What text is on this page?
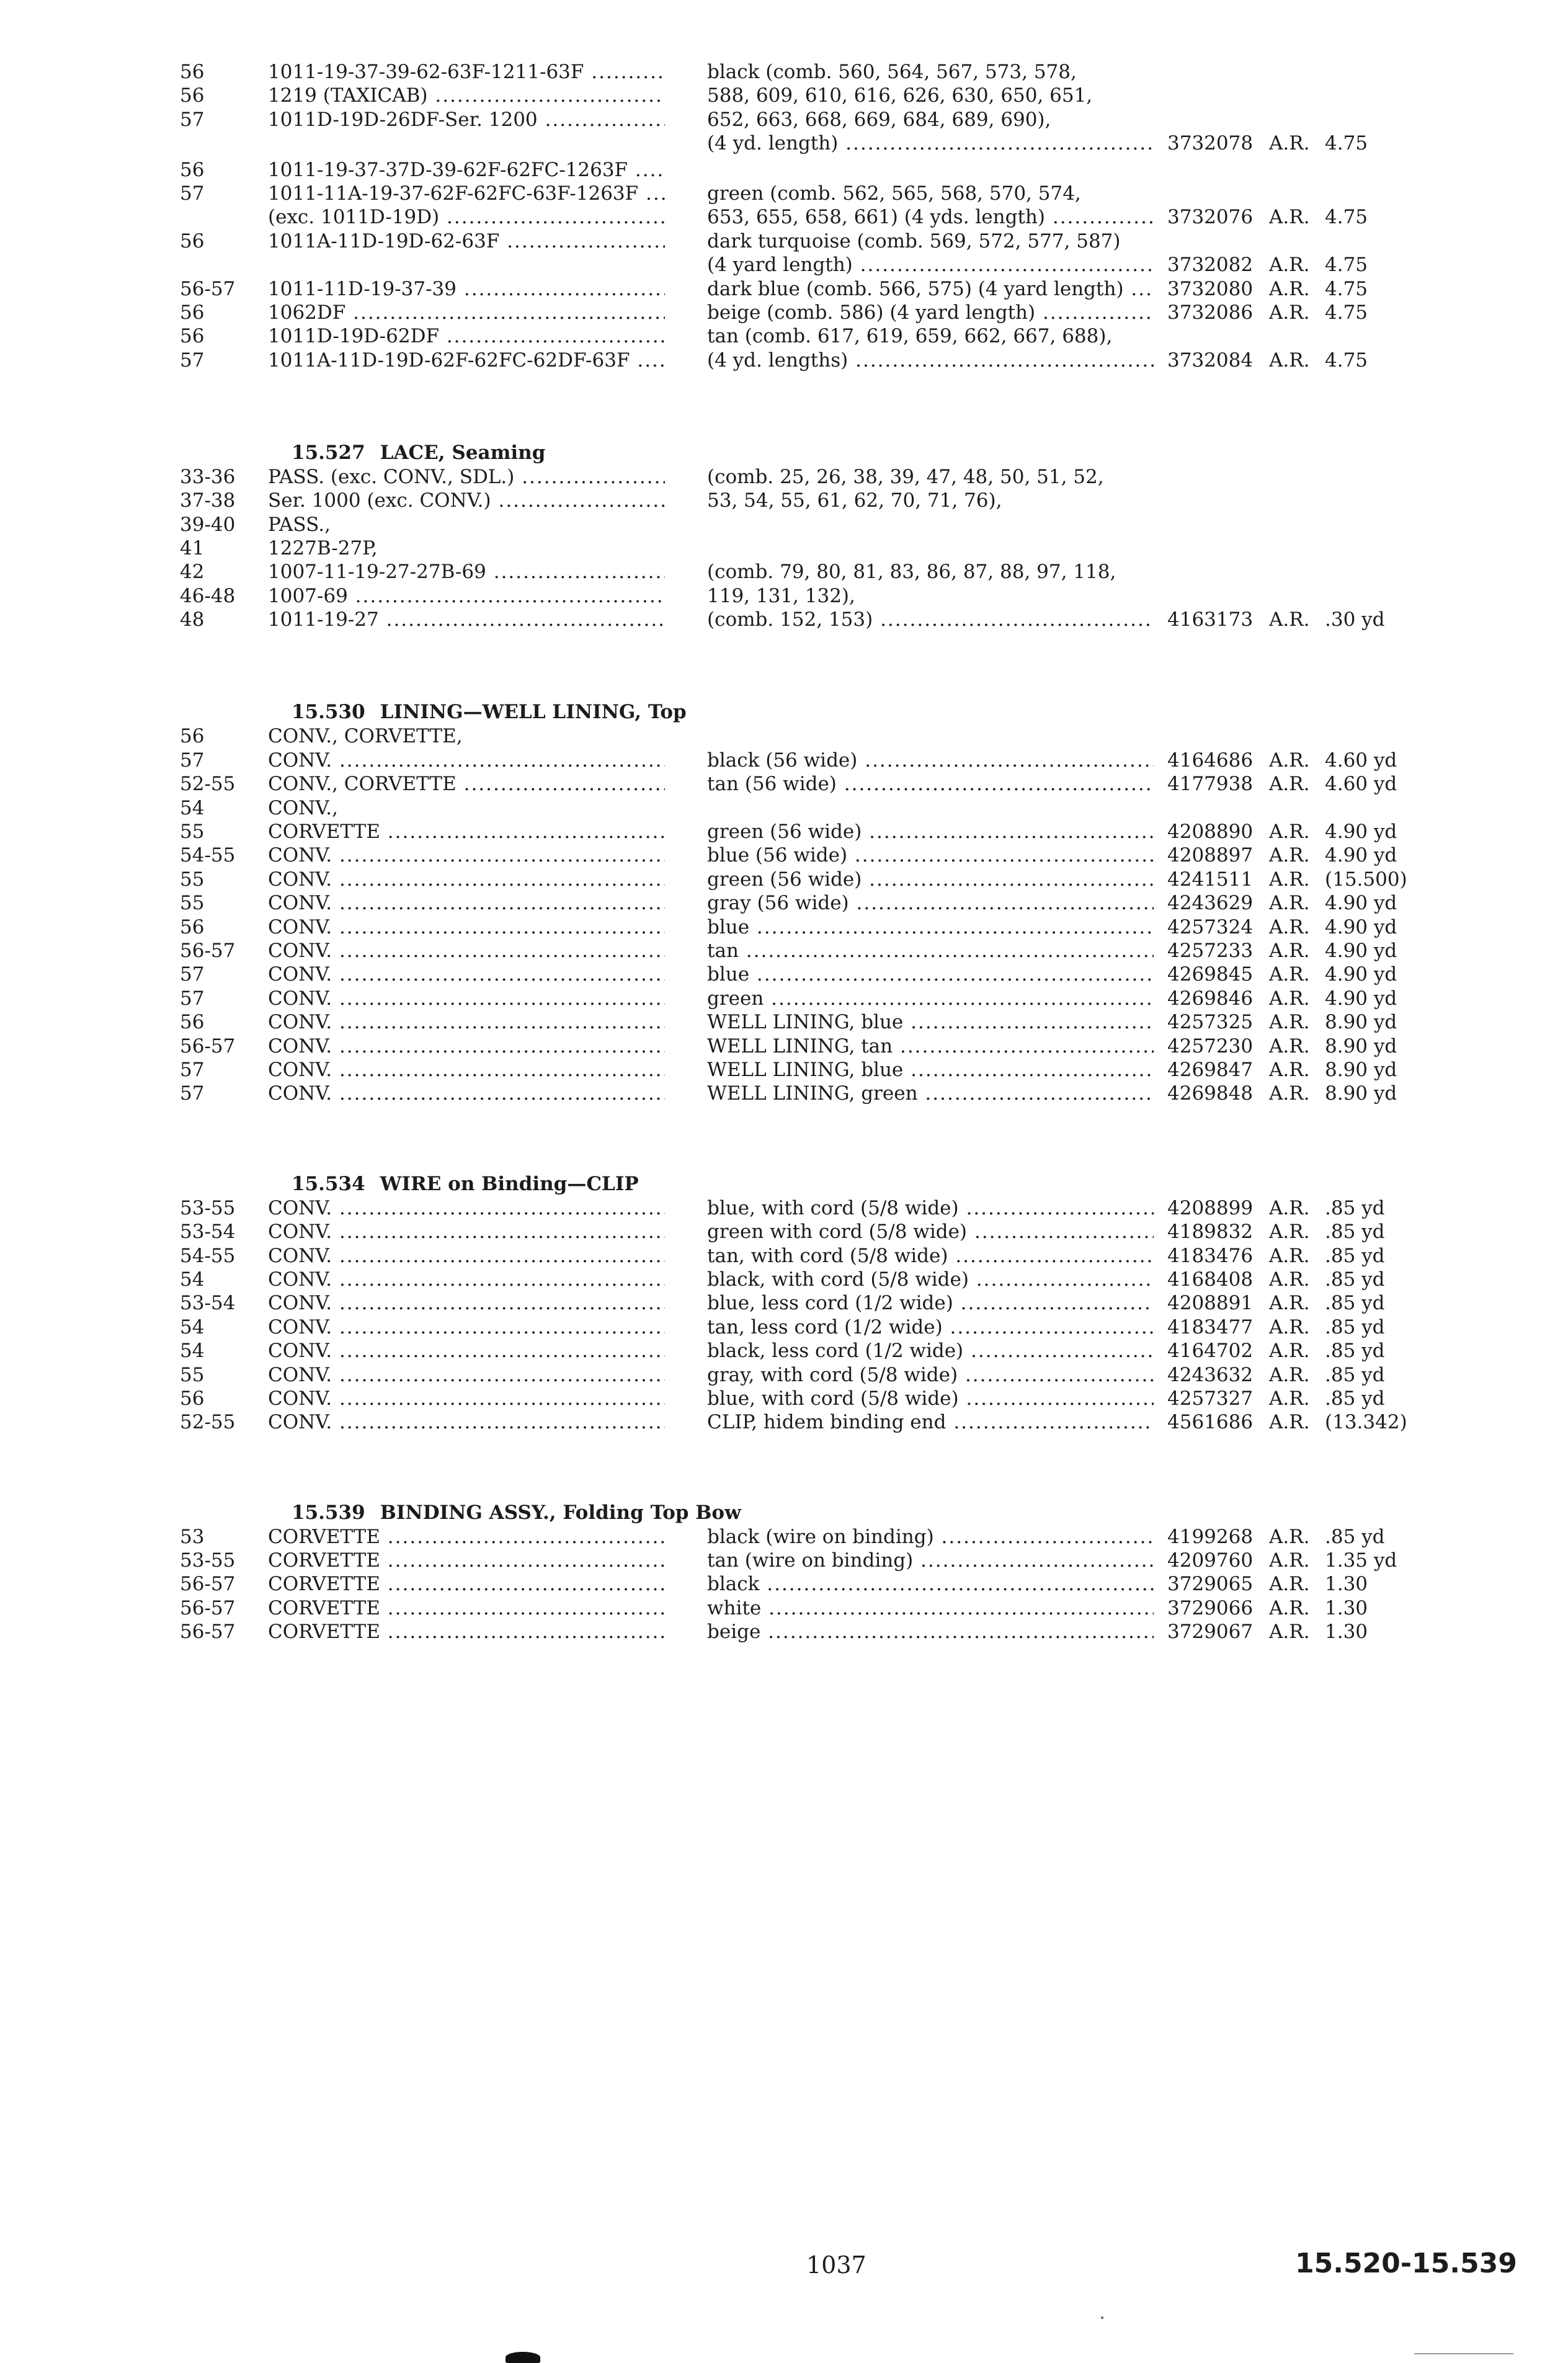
56	1011-19-37-39-62-63F-1211-63F .....	black (comb. 560, 564, 567, 573, 578,
56	1219 (TAXICAB) .....	588, 609, 610, 616, 626, 630, 650, 651,
57	1011D-19D-26DF-Ser. 1200 .....	652, 663, 668, 669, 684, 689, 690),
(4 yd. length) .....	3732078 A.R. 4.75
56	1011-19-37-37D-39-62F-62FC-1263F .....
57	1011-11A-19-37-62F-62FC-63F-1263F .....	green (comb. 562, 565, 568, 570, 574,
(exc. 1011D-19D) .....	653, 655, 658, 661) (4 yds. length) .....	3732076 A.R. 4.75
56	1011A-11D-19D-62-63F .....	dark turquoise (comb. 569, 572, 577, 587)
(4 yard length) .....	3732082 A.R. 4.75
56-57	1011-11D-19-37-39 .....	dark blue (comb. 566, 575) (4 yard length) .....	3732080 A.R. 4.75
56	1062DF .....	beige (comb. 586) (4 yard length) .....	3732086 A.R. 4.75
56	1011D-19D-62DF .....	tan (comb. 617, 619, 659, 662, 667, 688),
57	1011A-11D-19D-62F-62FC-62DF-63F .....	(4 yd. lengths) .....	3732084 A.R. 4.75
15.527 LACE, Seaming
33-36	PASS. (exc. CONV., SDL.) .....	(comb. 25, 26, 38, 39, 47, 48, 50, 51, 52,
37-38	Ser. 1000 (exc. CONV.) .....	53, 54, 55, 61, 62, 70, 71, 76),
39-40	PASS.,
41	1227B-27P,
42	1007-11-19-27-27B-69 .....	(comb. 79, 80, 81, 83, 86, 87, 88, 97, 118,
46-48	1007-69 .....	119, 131, 132),
48	1011-19-27 .....	(comb. 152, 153) .....	4163173 A.R. .30 yd
15.530 LINING—WELL LINING, Top
56	CONV., CORVETTE,
57	CONV. .....	black (56 wide) .....	4164686 A.R. 4.60 yd
52-55	CONV., CORVETTE .....	tan (56 wide) .....	4177938 A.R. 4.60 yd
54	CONV.,
55	CORVETTE .....	green (56 wide) .....	4208890 A.R. 4.90 yd
54-55	CONV. .....	blue (56 wide) .....	4208897 A.R. 4.90 yd
55	CONV. .....	green (56 wide) .....	4241511 A.R. (15.500)
55	CONV. .....	gray (56 wide) .....	4243629 A.R. 4.90 yd
56	CONV. .....	blue .....	4257324 A.R. 4.90 yd
56-57	CONV. .....	tan .....	4257233 A.R. 4.90 yd
57	CONV. .....	blue .....	4269845 A.R. 4.90 yd
57	CONV. .....	green .....	4269846 A.R. 4.90 yd
56	CONV. .....	WELL LINING, blue .....	4257325 A.R. 8.90 yd
56-57	CONV. .....	WELL LINING, tan .....	4257230 A.R. 8.90 yd
57	CONV. .....	WELL LINING, blue .....	4269847 A.R. 8.90 yd
57	CONV. .....	WELL LINING, green .....	4269848 A.R. 8.90 yd
15.534 WIRE on Binding—CLIP
53-55	CONV. .....	blue, with cord (5/8 wide) .....	4208899 A.R. .85 yd
53-54	CONV. .....	green with cord (5/8 wide) .....	4189832 A.R. .85 yd
54-55	CONV. .....	tan, with cord (5/8 wide) .....	4183476 A.R. .85 yd
54	CONV. .....	black, with cord (5/8 wide) .....	4168408 A.R. .85 yd
53-54	CONV. .....	blue, less cord (1/2 wide) .....	4208891 A.R. .85 yd
54	CONV. .....	tan, less cord (1/2 wide) .....	4183477 A.R. .85 yd
54	CONV. .....	black, less cord (1/2 wide) .....	4164702 A.R. .85 yd
55	CONV. .....	gray, with cord (5/8 wide) .....	4243632 A.R. .85 yd
56	CONV. .....	blue, with cord (5/8 wide) .....	4257327 A.R. .85 yd
52-55	CONV. .....	CLIP, hidem binding end .....	4561686 A.R. (13.342)
15.539 BINDING ASSY., Folding Top Bow
53	CORVETTE .....	black (wire on binding) .....	4199268 A.R. .85 yd
53-55	CORVETTE .....	tan (wire on binding) .....	4209760 A.R. 1.35 yd
56-57	CORVETTE .....	black .....	3729065 A.R. 1.30
56-57	CORVETTE .....	white .....	3729066 A.R. 1.30
56-57	CORVETTE .....	beige .....	3729067 A.R. 1.30
1037	15.520-15.539
